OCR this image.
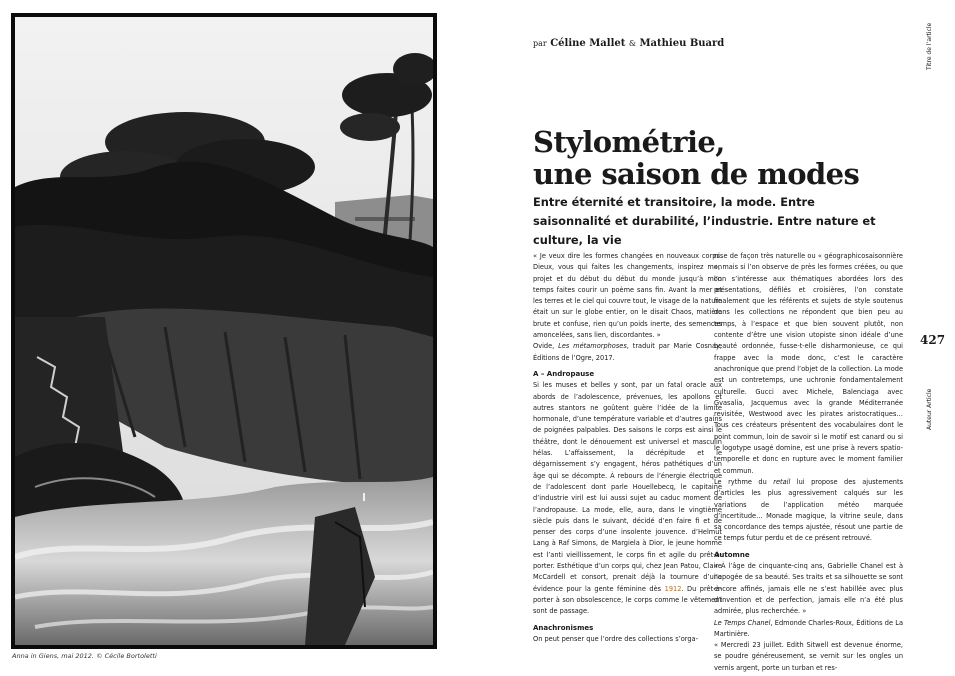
Anna in Giens, mai 2012. © Cécile Bortoletti
par Céline Mallet & Mathieu Buard
Stylométrie,
une saison de modes
Entre éternité et transitoire, la mode. Entre saisonnalité et durabilité, l’industrie. Entre nature et culture, la vie

« Je veux dire les formes changées en nouveaux corps. Dieux, vous qui faites les changements, inspirez mon projet et du début du début du monde jusqu’à mon temps faites courir un poème sans fin. Avant la mer et les terres et le ciel qui couvre tout, le visage de la nature était un sur le globe entier, on le disait Chaos, matière brute et confuse, rien qu’un poids inerte, des semences amoncelées, sans lien, discordantes. »

Ovide, Les métamorphoses, traduit par Marie Cosnay, Éditions de l’Ogre, 2017.

A – Andropause

Si les muses et belles y sont, par un fatal oracle aux abords de l’adolescence, prévenues, les apollons et autres stantors ne goûtent guère l’idée de la limite hormonale, d’une température variable et d’autres gains de poignées palpables. Des saisons le corps est ainsi le théâtre, dont le dénouement est universel et masculin hélas. L’affaissement, la décrépitude et le dégarnissement s’y engagent, héros pathétiques d’un âge qui se décompte. À rebours de l’énergie électrique de l’adolescent dont parle Houellebecq, le capitaine d’industrie viril est lui aussi sujet au caduc moment de l’andropause. La mode, elle, aura, dans le vingtième siècle puis dans le suivant, décidé d’en faire fi et de penser des corps d’une insolente jouvence. d’Helmut Lang à Raf Simons, de Margiela à Dior, le jeune homme est l’anti vieillissement, le corps fin et agile du prêt-à-porter. Esthétique d’un corps qui, chez Jean Patou, Claire McCardell et consort, prenait déjà la tournure d’une évidence pour la gente féminine dès 1912. Du prêt-à-porter à son obsolescence, le corps comme le vêtement sont de passage.

Anachronismes

On peut penser que l’ordre des collections s’orga-

nise de façon très naturelle ou « géographicosaisonnière », mais si l’on observe de près les formes créées, ou que l’on s’intéresse aux thématiques abordées lors des présentations, défilés et croisières, l’on constate finalement que les référents et sujets de style soutenus dans les collections ne répondent que bien peu au temps, à l’espace et que bien souvent plutôt, non contente d’être une vision utopiste sinon idéale d’une beauté ordonnée, fusse-t-elle disharmonieuse, ce qui frappe avec la mode donc, c’est le caractère anachronique que prend l’objet de la collection. La mode est un contretemps, une uchronie fondamentalement culturelle. Gucci avec Michele, Balenciaga avec Gvasalia, Jacquemus avec la grande Méditerranée revisitée, Westwood avec les pirates aristocratiques… Tous ces créateurs présentent des vocabulaires dont le point commun, loin de savoir si le motif est canard ou si le logotype usagé domine, est une prise à revers spatio-temporelle et donc en rupture avec le moment familier et commun.

Le rythme du retail lui propose des ajustements d’articles les plus agressivement calqués sur les variations de l’application météo marquée d’incertitude… Monade magique, la vitrine seule, dans sa concordance des temps ajustée, résout une partie de ce temps futur perdu et de ce présent retrouvé.

Automne

« À l’âge de cinquante-cinq ans, Gabrielle Chanel est à l’apogée de sa beauté. Ses traits et sa silhouette se sont encore affinés, jamais elle ne s’est habillée avec plus d’invention et de perfection, jamais elle n’a été plus admirée, plus recherchée. »

Le Temps Chanel, Edmonde Charles-Roux, Éditions de La Martinière.

« Mercredi 23 juillet. Edith Sitwell est devenue énorme, se poudre généreusement, se vernit sur les ongles un vernis argent, porte un turban et res-

Titre de l’article
427
Auteur Article
